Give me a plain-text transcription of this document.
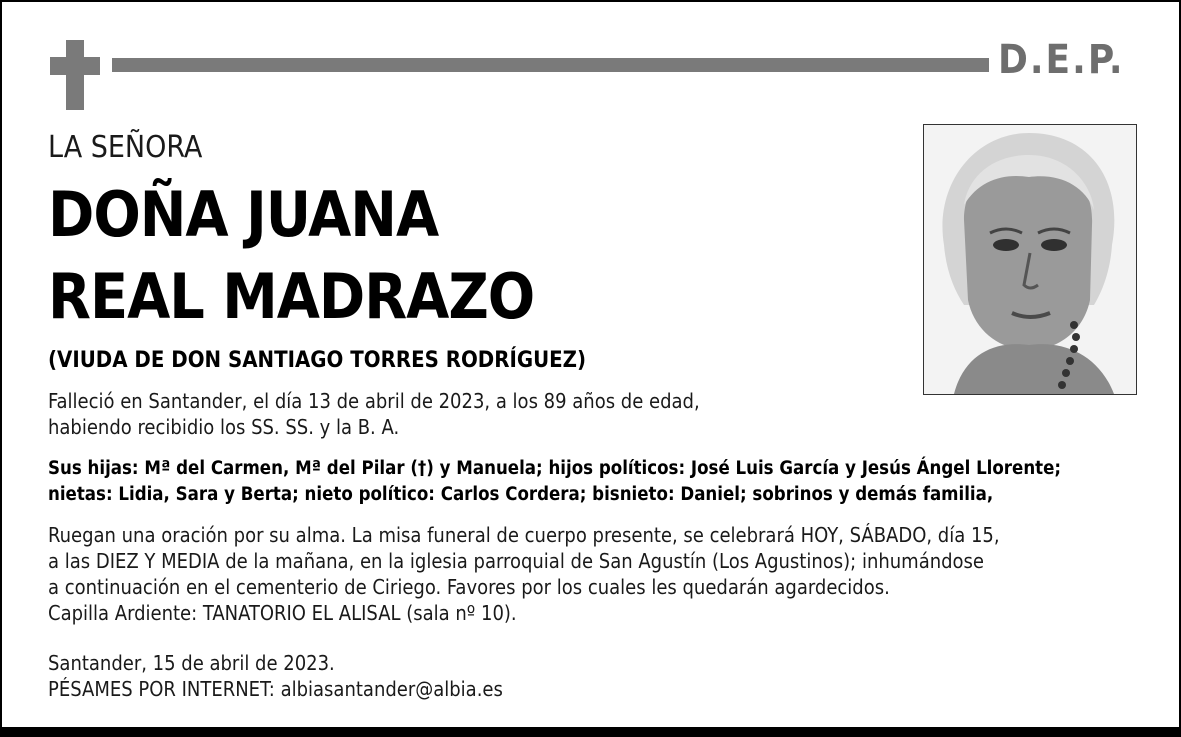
D.E.P.
LA SEÑORA
DOÑA JUANA
REAL MADRAZO
(VIUDA DE DON SANTIAGO TORRES RODRÍGUEZ)
Falleció en Santander, el día 13 de abril de 2023, a los 89 años de edad,
habiendo recibidio los SS. SS. y la B. A.
Sus hijas: Mª del Carmen, Mª del Pilar (†) y Manuela; hijos políticos: José Luis García y Jesús Ángel Llorente;
nietas: Lidia, Sara y Berta; nieto político: Carlos Cordera; bisnieto: Daniel; sobrinos y demás familia,
Ruegan una oración por su alma. La misa funeral de cuerpo presente, se celebrará HOY, SÁBADO, día 15,
a las DIEZ Y MEDIA de la mañana, en la iglesia parroquial de San Agustín (Los Agustinos); inhumándose
a continuación en el cementerio de Ciriego. Favores por los cuales les quedarán agardecidos.
Capilla Ardiente: TANATORIO EL ALISAL (sala nº 10).
Santander, 15 de abril de 2023.
PÉSAMES POR INTERNET: albiasantander@albia.es
